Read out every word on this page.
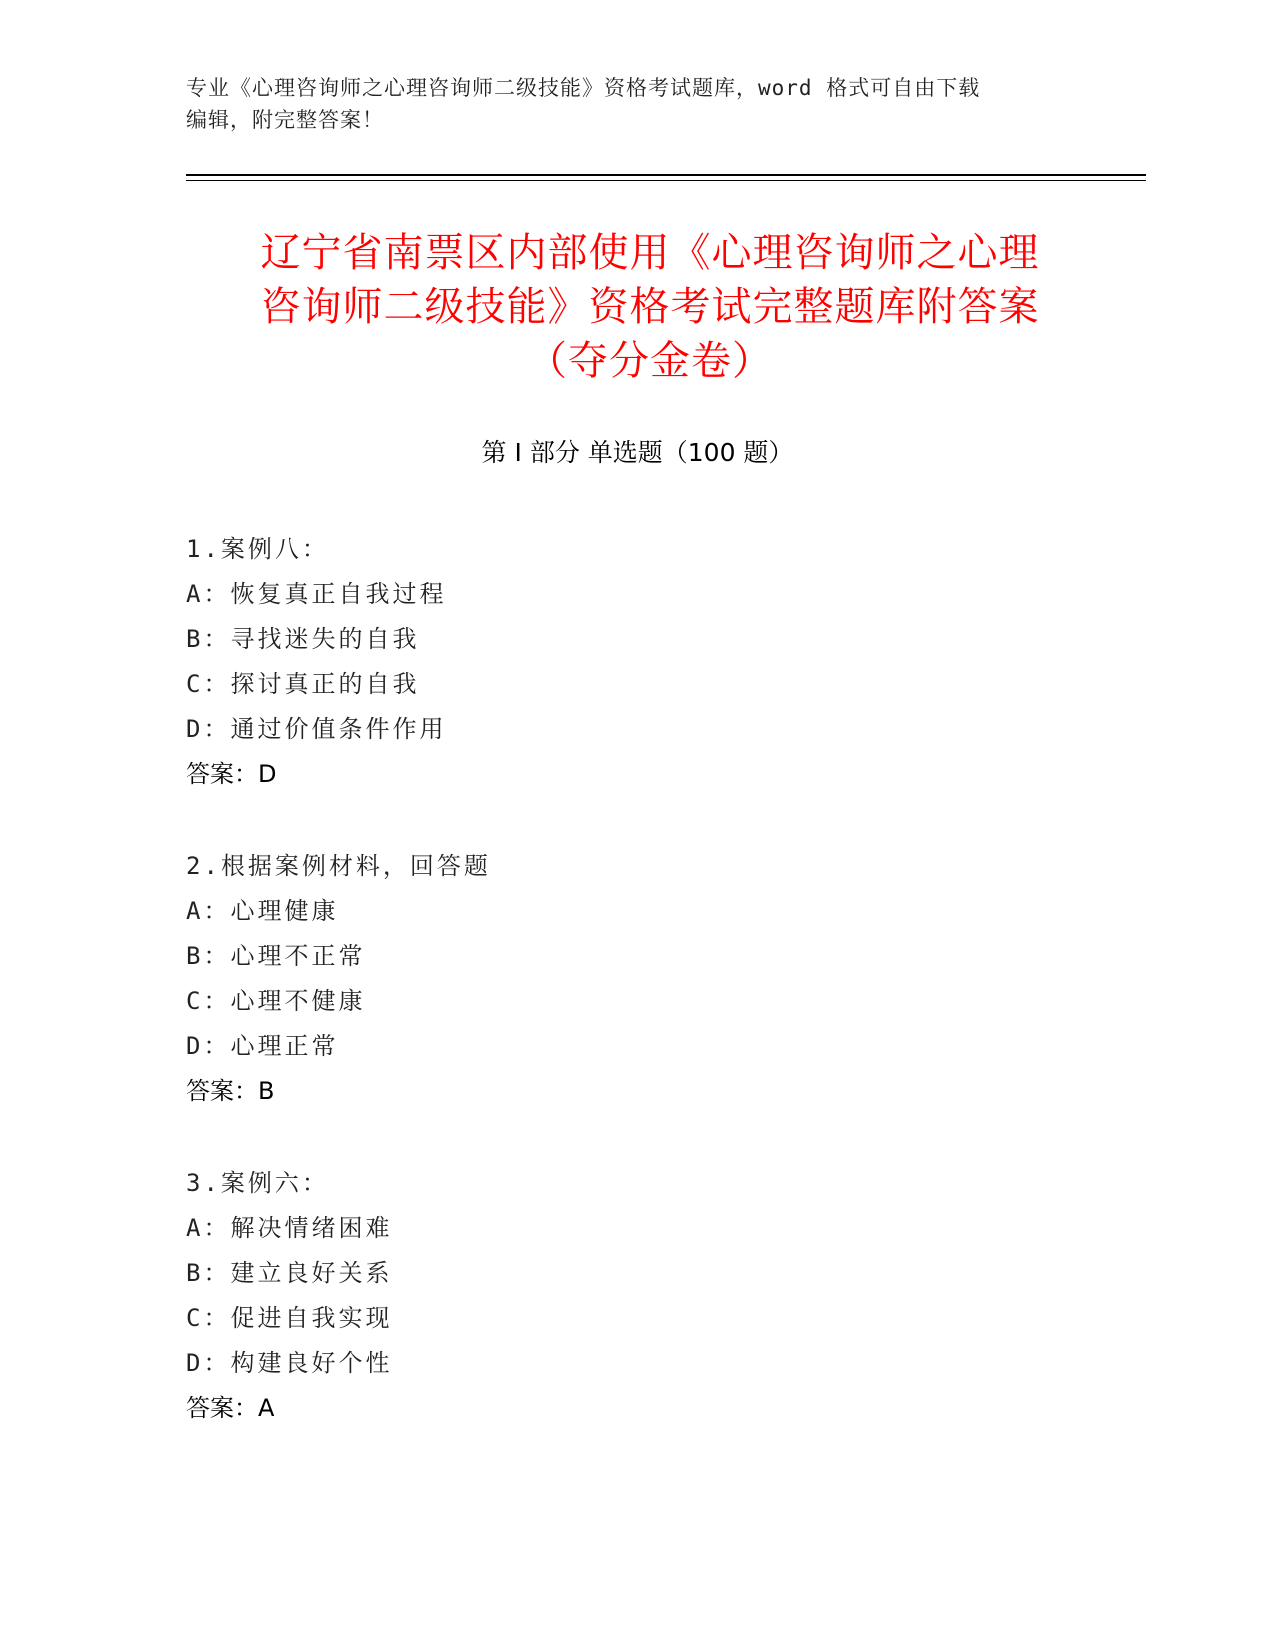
专业《心理咨询师之心理咨询师二级技能》资格考试题库，word 格式可自由下载
编辑，附完整答案！
辽宁省南票区内部使用《心理咨询师之心理
咨询师二级技能》资格考试完整题库附答案
（夺分金卷）
第 I 部分 单选题（100 题）
1.案例八：
A：恢复真正自我过程
B：寻找迷失的自我
C：探讨真正的自我
D：通过价值条件作用
答案：D
2.根据案例材料，回答题
A：心理健康
B：心理不正常
C：心理不健康
D：心理正常
答案：B
3.案例六：
A：解决情绪困难
B：建立良好关系
C：促进自我实现
D：构建良好个性
答案：A
